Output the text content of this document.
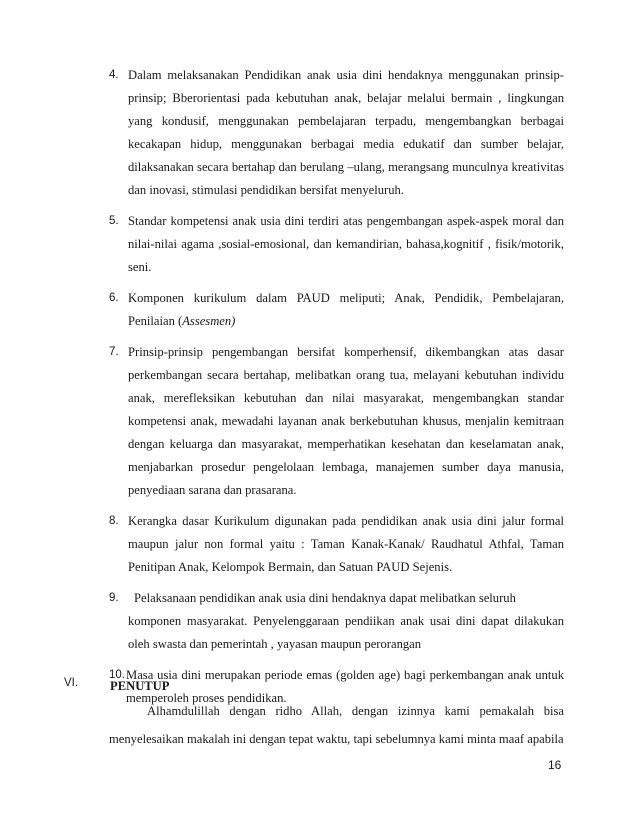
4. Dalam melaksanakan Pendidikan anak usia dini hendaknya menggunakan prinsip-prinsip; Bberorientasi pada kebutuhan anak, belajar melalui bermain , lingkungan yang kondusif, menggunakan pembelajaran terpadu, mengembangkan berbagai kecakapan hidup, menggunakan berbagai media edukatif dan sumber belajar, dilaksanakan secara bertahap dan berulang –ulang, merangsang munculnya kreativitas dan inovasi, stimulasi pendidikan bersifat menyeluruh.
5. Standar kompetensi anak usia dini terdiri atas pengembangan aspek-aspek moral dan nilai-nilai agama ,sosial-emosional, dan kemandirian, bahasa,kognitif , fisik/motorik, seni.
6. Komponen kurikulum dalam PAUD meliputi; Anak, Pendidik, Pembelajaran, Penilaian (Assesmen)
7. Prinsip-prinsip pengembangan bersifat komperhensif, dikembangkan atas dasar perkembangan secara bertahap, melibatkan orang tua, melayani kebutuhan individu anak, merefleksikan kebutuhan dan nilai masyarakat, mengembangkan standar kompetensi anak, mewadahi layanan anak berkebutuhan khusus, menjalin kemitraan dengan keluarga dan masyarakat, memperhatikan kesehatan dan keselamatan anak, menjabarkan prosedur pengelolaan lembaga, manajemen sumber daya manusia, penyediaan sarana dan prasarana.
8. Kerangka dasar Kurikulum digunakan pada pendidikan anak usia dini jalur formal maupun jalur non formal yaitu : Taman Kanak-Kanak/ Raudhatul Athfal, Taman Penitipan Anak, Kelompok Bermain, dan Satuan PAUD Sejenis.
9.	Pelaksanaan pendidikan anak usia dini hendaknya dapat melibatkan seluruh
komponen masyarakat. Penyelenggaraan pendiikan anak usai dini dapat dilakukan oleh swasta dan pemerintah , yayasan maupun perorangan
10. Masa usia dini merupakan periode emas (golden age) bagi perkembangan anak untuk memperoleh proses pendidikan.
VI.	PENUTUP
Alhamdulillah dengan ridho Allah, dengan izinnya kami pemakalah bisa menyelesaikan makalah ini dengan tepat waktu, tapi sebelumnya kami minta maaf apabila
16
